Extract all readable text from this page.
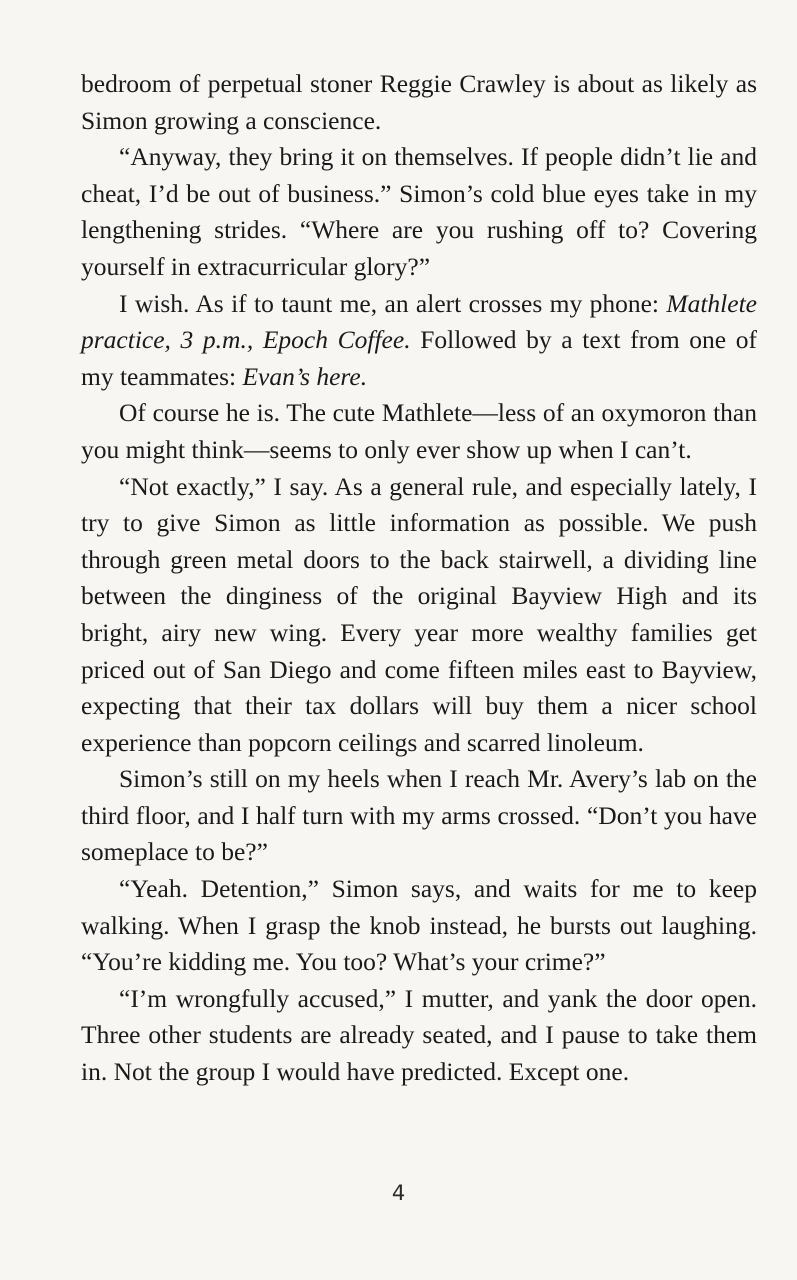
bedroom of perpetual stoner Reggie Crawley is about as likely as Simon growing a conscience.

“Anyway, they bring it on themselves. If people didn’t lie and cheat, I’d be out of business.” Simon’s cold blue eyes take in my lengthening strides. “Where are you rushing off to? Covering yourself in extracurricular glory?”

I wish. As if to taunt me, an alert crosses my phone: Mathlete practice, 3 p.m., Epoch Coffee. Followed by a text from one of my teammates: Evan’s here.

Of course he is. The cute Mathlete—less of an oxymoron than you might think—seems to only ever show up when I can’t.

“Not exactly,” I say. As a general rule, and especially lately, I try to give Simon as little information as possible. We push through green metal doors to the back stairwell, a dividing line between the dinginess of the original Bayview High and its bright, airy new wing. Every year more wealthy families get priced out of San Diego and come fifteen miles east to Bayview, expecting that their tax dollars will buy them a nicer school experience than popcorn ceilings and scarred linoleum.

Simon’s still on my heels when I reach Mr. Avery’s lab on the third floor, and I half turn with my arms crossed. “Don’t you have someplace to be?”

“Yeah. Detention,” Simon says, and waits for me to keep walking. When I grasp the knob instead, he bursts out laughing. “You’re kidding me. You too? What’s your crime?”

“I’m wrongfully accused,” I mutter, and yank the door open. Three other students are already seated, and I pause to take them in. Not the group I would have predicted. Except one.

4
